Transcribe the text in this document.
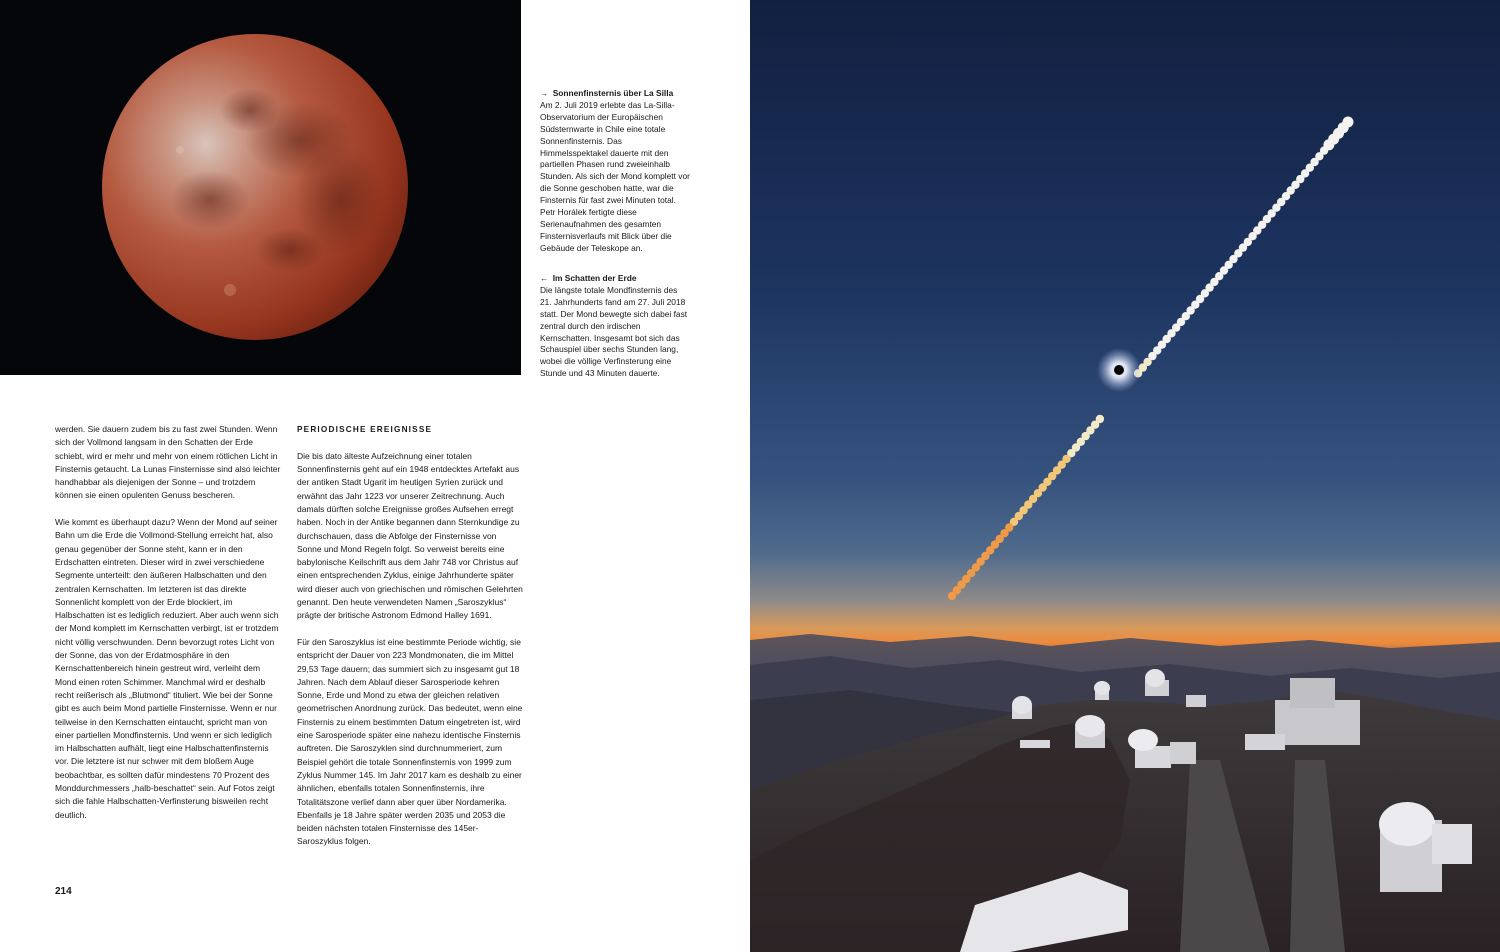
→ Sonnenfinsternis über La Silla
Am 2. Juli 2019 erlebte das La-Silla-Observatorium der Europäischen Südsternwarte in Chile eine totale Sonnenfinsternis. Das Himmelsspektakel dauerte mit den partiellen Phasen rund zweieinhalb Stunden. Als sich der Mond komplett vor die Sonne geschoben hatte, war die Finsternis für fast zwei Minuten total. Petr Horálek fertigte diese Serienaufnahmen des gesamten Finsternisverlaufs mit Blick über die Gebäude der Teleskope an.
← Im Schatten der Erde
Die längste totale Mondfinsternis des 21. Jahrhunderts fand am 27. Juli 2018 statt. Der Mond bewegte sich dabei fast zentral durch den irdischen Kernschatten. Insgesamt bot sich das Schauspiel über sechs Stunden lang, wobei die völlige Verfinsterung eine Stunde und 43 Minuten dauerte.

werden. Sie dauern zudem bis zu fast zwei Stunden. Wenn sich der Vollmond langsam in den Schatten der Erde schiebt, wird er mehr und mehr von einem rötlichen Licht in Finsternis getaucht. La Lunas Finsternisse sind also leichter handhabbar als diejenigen der Sonne – und trotzdem können sie einen opulenten Genuss bescheren.

Wie kommt es überhaupt dazu? Wenn der Mond auf seiner Bahn um die Erde die Vollmond-Stellung erreicht hat, also genau gegenüber der Sonne steht, kann er in den Erdschatten eintreten. Dieser wird in zwei verschiedene Segmente unterteilt: den äußeren Halbschatten und den zentralen Kernschatten. Im letzteren ist das direkte Sonnenlicht komplett von der Erde blockiert, im Halbschatten ist es lediglich reduziert. Aber auch wenn sich der Mond komplett im Kernschatten verbirgt, ist er trotzdem nicht völlig verschwunden. Denn bevorzugt rotes Licht von der Sonne, das von der Erdatmosphäre in den Kernschattenbereich hinein gestreut wird, verleiht dem Mond einen roten Schimmer. Manchmal wird er deshalb recht reißerisch als „Blutmond“ tituliert. Wie bei der Sonne gibt es auch beim Mond partielle Finsternisse. Wenn er nur teilweise in den Kernschatten eintaucht, spricht man von einer partiellen Mondfinsternis. Und wenn er sich lediglich im Halbschatten aufhält, liegt eine Halbschattenfinsternis vor. Die letztere ist nur schwer mit dem bloßem Auge beobachtbar, es sollten dafür mindestens 70 Prozent des Monddurchmessers „halb-beschattet“ sein. Auf Fotos zeigt sich die fahle Halbschatten-Verfinsterung bisweilen recht deutlich.

PERIODISCHE EREIGNISSE

Die bis dato älteste Aufzeichnung einer totalen Sonnenfinsternis geht auf ein 1948 entdecktes Artefakt aus der antiken Stadt Ugarit im heutigen Syrien zurück und erwähnt das Jahr 1223 vor unserer Zeitrechnung. Auch damals dürften solche Ereignisse großes Aufsehen erregt haben. Noch in der Antike begannen dann Sternkundige zu durchschauen, dass die Abfolge der Finsternisse von Sonne und Mond Regeln folgt. So verweist bereits eine babylonische Keilschrift aus dem Jahr 748 vor Christus auf einen entsprechenden Zyklus, einige Jahrhunderte später wird dieser auch von griechischen und römischen Gelehrten genannt. Den heute verwendeten Namen „Saroszyklus“ prägte der britische Astronom Edmond Halley 1691.

Für den Saroszyklus ist eine bestimmte Periode wichtig, sie entspricht der Dauer von 223 Mondmonaten, die im Mittel 29,53 Tage dauern; das summiert sich zu insgesamt gut 18 Jahren. Nach dem Ablauf dieser Sarosperiode kehren Sonne, Erde und Mond zu etwa der gleichen relativen geometrischen Anordnung zurück. Das bedeutet, wenn eine Finsternis zu einem bestimmten Datum eingetreten ist, wird eine Sarosperiode später eine nahezu identische Finsternis auftreten. Die Saroszyklen sind durchnummeriert, zum Beispiel gehört die totale Sonnenfinsternis von 1999 zum Zyklus Nummer 145. Im Jahr 2017 kam es deshalb zu einer ähnlichen, ebenfalls totalen Sonnenfinsternis, ihre Totalitätszone verlief dann aber quer über Nordamerika. Ebenfalls je 18 Jahre später werden 2035 und 2053 die beiden nächsten totalen Finsternisse des 145er-Saroszyklus folgen.

214
